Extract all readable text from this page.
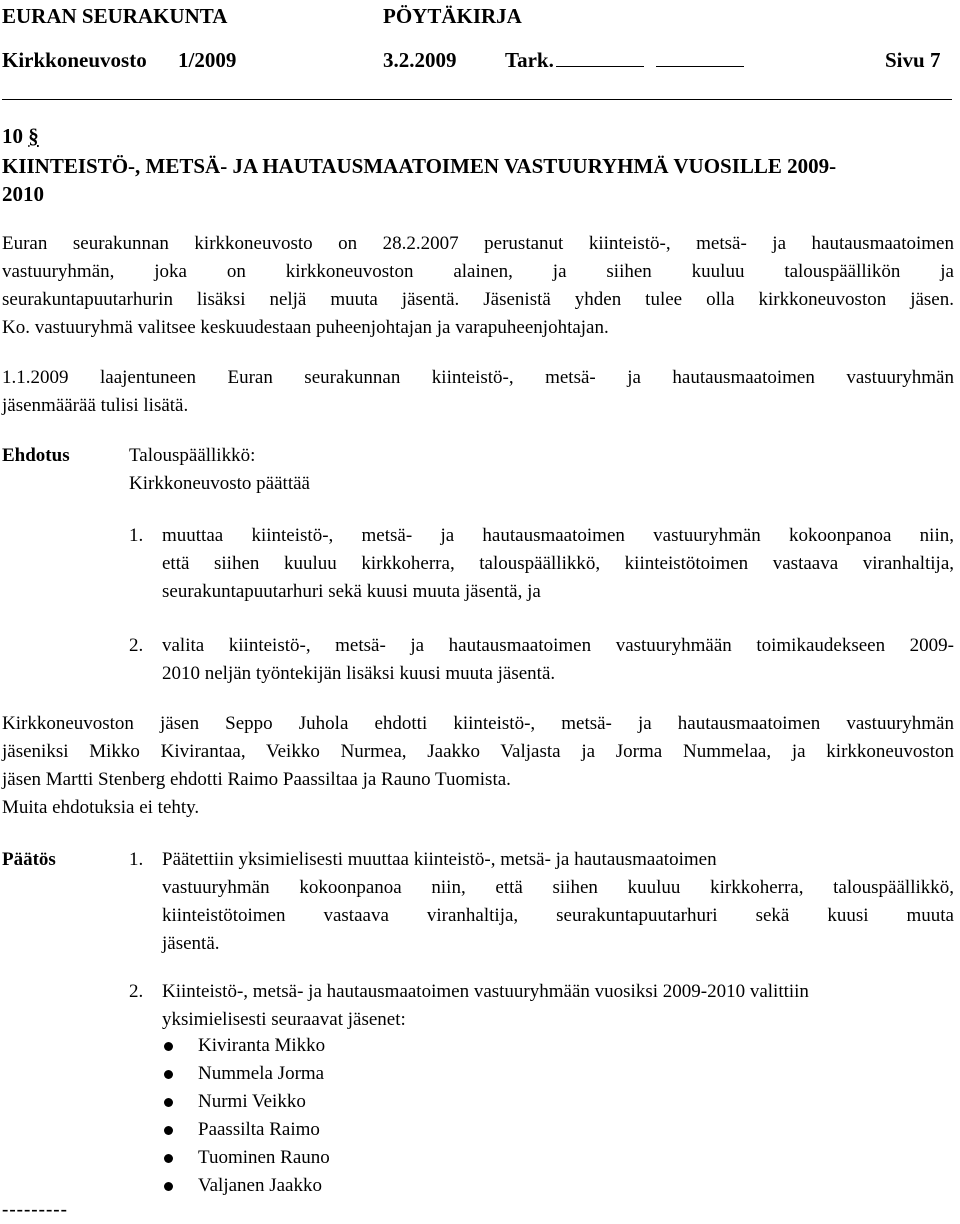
EURAN SEURAKUNTA	PÖYTÄKIRJA
Kirkkoneuvosto 1/2009	3.2.2009 Tark.	Sivu 7
10 §
KIINTEISTÖ-, METSÄ- JA HAUTAUSMAATOIMEN VASTUURYHMÄ VUOSILLE 2009-
2010
Euran seurakunnan kirkkoneuvosto on 28.2.2007 perustanut kiinteistö-, metsä- ja hautausmaatoimen
vastuuryhmän, joka on kirkkoneuvoston alainen, ja siihen kuuluu talouspäällikön ja
seurakuntapuutarhurin lisäksi neljä muuta jäsentä. Jäsenistä yhden tulee olla kirkkoneuvoston jäsen.
Ko. vastuuryhmä valitsee keskuudestaan puheenjohtajan ja varapuheenjohtajan.
1.1.2009 laajentuneen Euran seurakunnan kiinteistö-, metsä- ja hautausmaatoimen vastuuryhmän
jäsenmäärää tulisi lisätä.
Ehdotus	Talouspäällikkö:
Kirkkoneuvosto päättää
1. muuttaa kiinteistö-, metsä- ja hautausmaatoimen vastuuryhmän kokoonpanoa niin,
että siihen kuuluu kirkkoherra, talouspäällikkö, kiinteistötoimen vastaava viranhaltija,
seurakuntapuutarhuri sekä kuusi muuta jäsentä, ja
2. valita kiinteistö-, metsä- ja hautausmaatoimen vastuuryhmään toimikaudekseen 2009-
2010 neljän työntekijän lisäksi kuusi muuta jäsentä.
Kirkkoneuvoston jäsen Seppo Juhola ehdotti kiinteistö-, metsä- ja hautausmaatoimen vastuuryhmän
jäseniksi Mikko Kivirantaa, Veikko Nurmea, Jaakko Valjasta ja Jorma Nummelaa, ja kirkkoneuvoston
jäsen Martti Stenberg ehdotti Raimo Paassiltaa ja Rauno Tuomista.
Muita ehdotuksia ei tehty.
Päätös	1. Päätettiin yksimielisesti muuttaa kiinteistö-, metsä- ja hautausmaatoimen
vastuuryhmän kokoonpanoa niin, että siihen kuuluu kirkkoherra, talouspäällikkö,
kiinteistötoimen vastaava viranhaltija, seurakuntapuutarhuri sekä kuusi muuta
jäsentä.
2. Kiinteistö-, metsä- ja hautausmaatoimen vastuuryhmään vuosiksi 2009-2010 valittiin
yksimielisesti seuraavat jäsenet:
Kiviranta Mikko
Nummela Jorma
Nurmi Veikko
Paassilta Raimo
Tuominen Rauno
Valjanen Jaakko
---------
